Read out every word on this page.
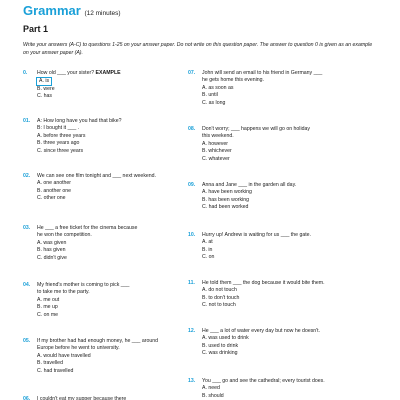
Grammar (12 minutes)
Part 1
Write your answers (A-C) to questions 1-25 on your answer paper. Do not write on this question paper. The answer to question 0 is given as an example on your answer paper (A).
0.	How old ___ your sister? EXAMPLE
A. is

B. were
C. has
01.	A: How long have you had that bike?
B: I bought it ___ .
A. before three years
B. three years ago
C. since three years
02.	We can see one film tonight and ___ next weekend.
A. one another
B. another one
C. other one
03.	He ___ a free ticket for the cinema because
he won the competition.
A. was given
B. has given
C. didn't give
04.	My friend's mother is coming to pick ___
to take me to the party.
A. me out
B. me up
C. on me
05.	If my brother had had enough money, he ___ around
Europe before he went to university.
A. would have travelled
B. travelled
C. had travelled
06.	I couldn't eat my supper because there
07.	John will send an email to his friend in Germany ___
he gets home this evening.
A. as soon as
B. until
C. as long
08.	Don't worry; ___ happens we will go on holiday
this weekend.
A. however
B. whichever
C. whatever
09.	Anna and Jane ___ in the garden all day.
A. have been working
B. has been working
C. had been worked
10.	Hurry up! Andrew is waiting for us ___ the gate.
A. at
B. in
C. on
11.	He told them ___ the dog because it would bite them.
A. do not touch
B. to don't touch
C. not to touch
12.	He ___ a lot of water every day but now he doesn't.
A. was used to drink
B. used to drink
C. was drinking
13.	You ___ go and see the cathedral; every tourist does.
A. need
B. should
